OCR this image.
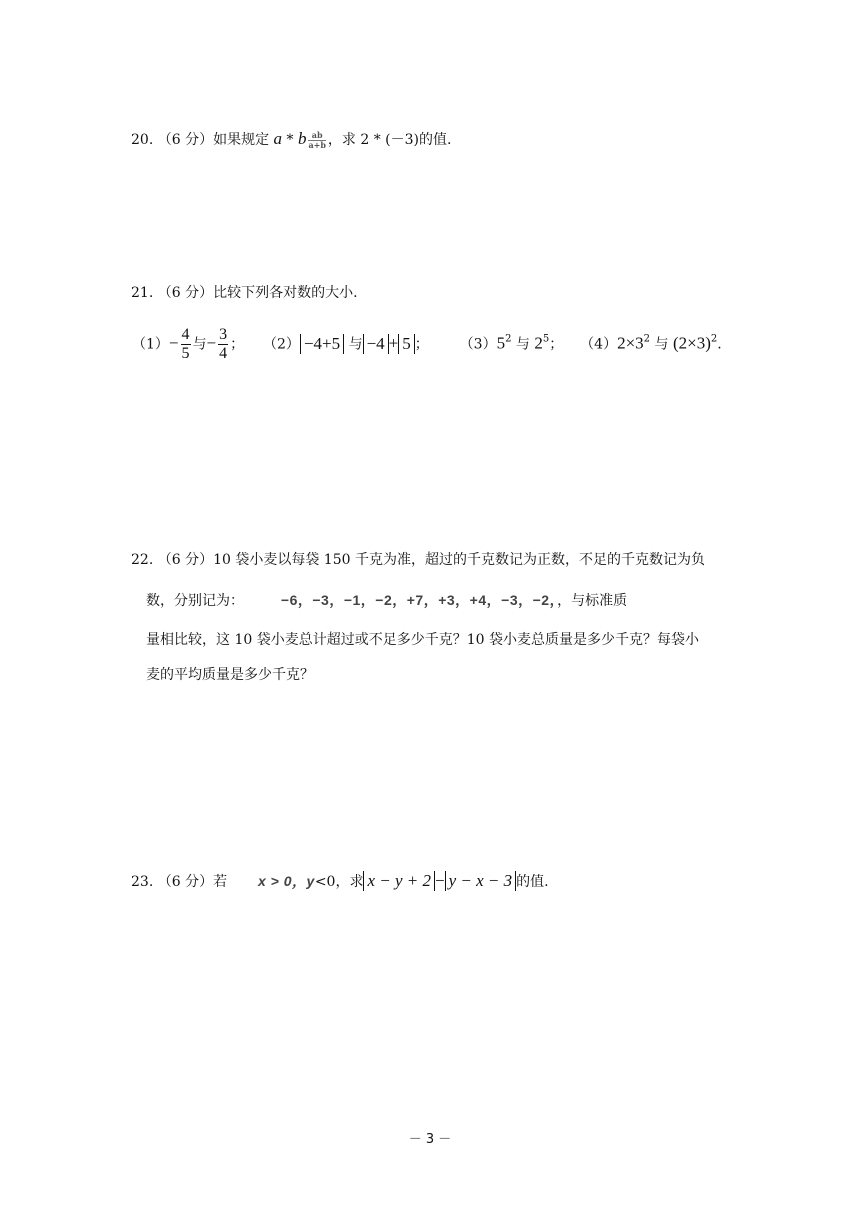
20. （6 分）如果规定 a * b $\frac{ab}{a+b}$ ，求 2 * (－3)的值.
21. （6 分）比较下列各对数的大小.
$(1)- \frac{4}{5}$ 与− $\frac{3}{4}$ ； （2） −4+5 与 −4 + 5 ； $(3)5^2$ 与 $2^5$； $(4)2\times 3^2$ 与 $(2\times 3)^2$.
22. （6 分）10 袋小麦以每袋 150 千克为准，超过的千克数记为正数，不足的千克数记为负
数，分别记为：	−6，−3，−1，−2，+7，+3，+4，−3，−2，，与标准质
量相比较，这 10 袋小麦总计超过或不足多少千克？10 袋小麦总质量是多少千克？每袋小
麦的平均质量是多少千克？
23. （6 分）若 x > 0，y<0，求 x − y + 2 − y − x − 3 的值.
－ 3 －
